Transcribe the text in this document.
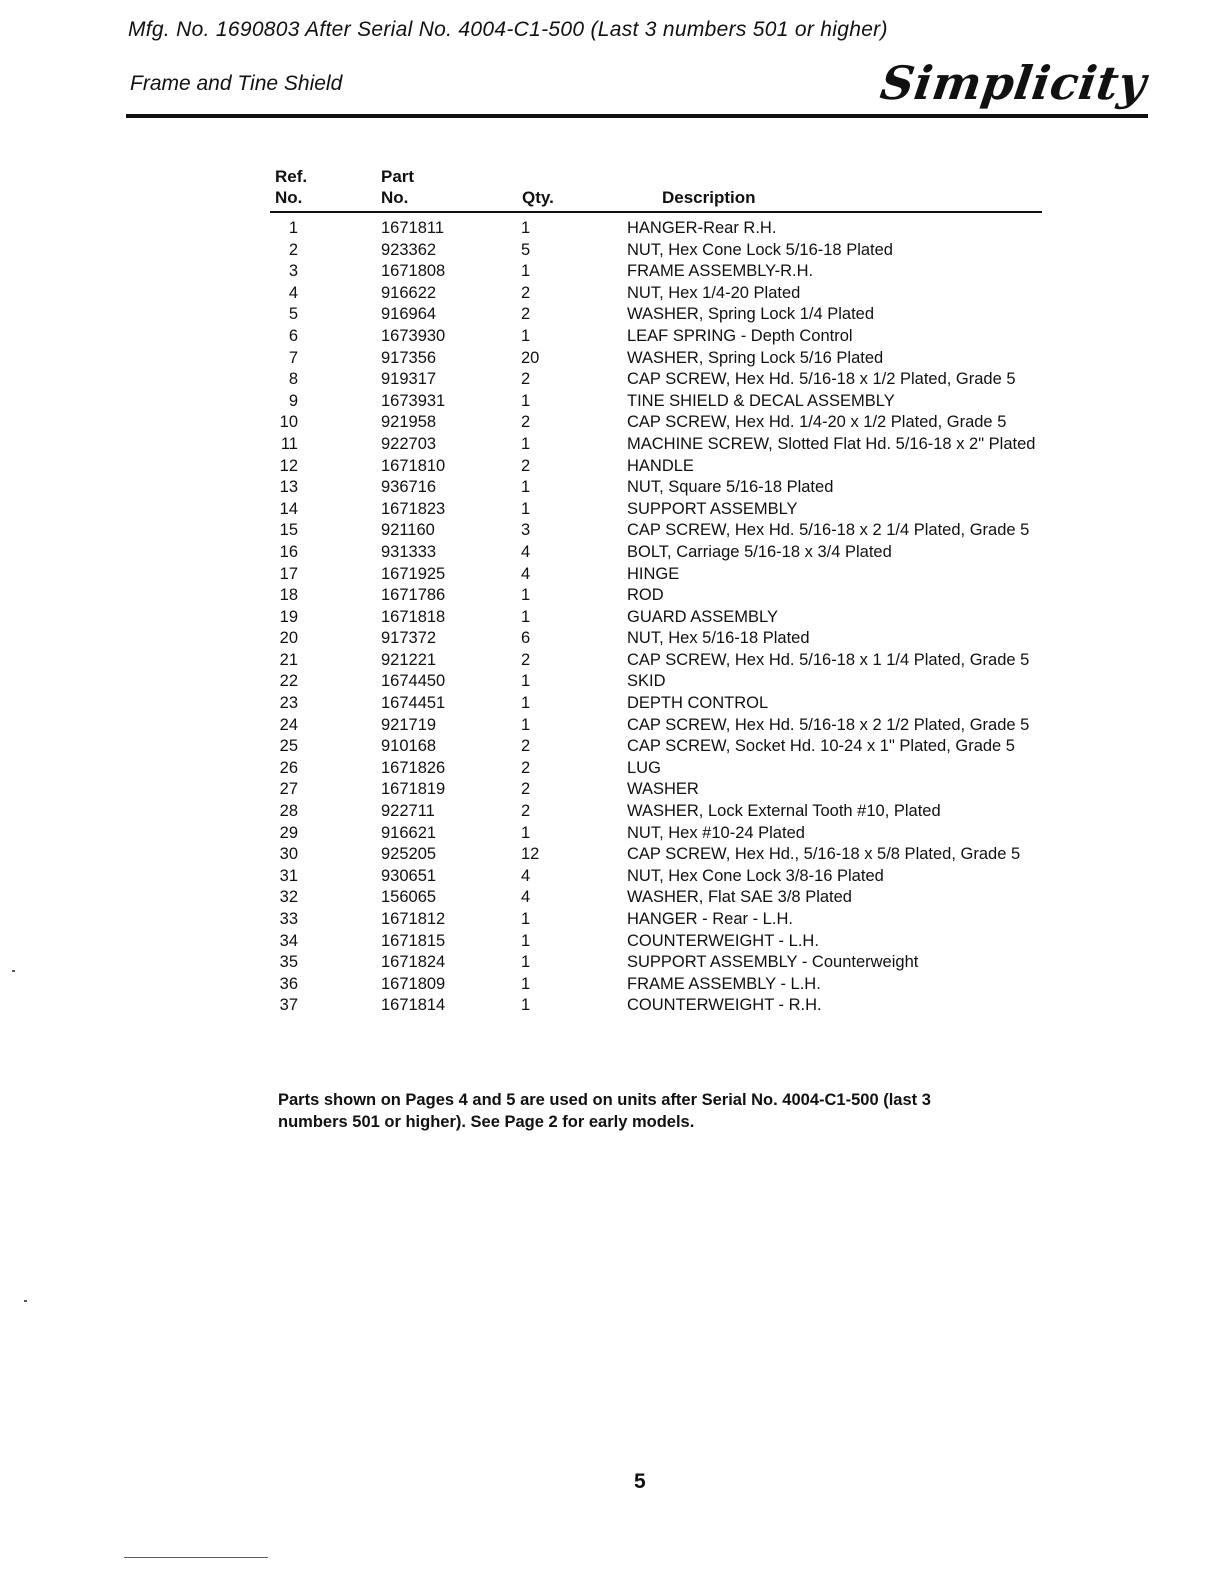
Mfg. No. 1690803 After Serial No. 4004-C1-500 (Last 3 numbers 501 or higher)
Frame and Tine Shield	Simplicity
Ref.
No.
Part
No.	Qty.	Description
1	1671811	1	HANGER-Rear R.H.
2	923362	5	NUT, Hex Cone Lock 5/16-18 Plated
3	1671808	1	FRAME ASSEMBLY-R.H.
4	916622	2	NUT, Hex 1/4-20 Plated
5	916964	2	WASHER, Spring Lock 1/4 Plated
6	1673930	1	LEAF SPRING - Depth Control
7	917356	20	WASHER, Spring Lock 5/16 Plated
8	919317	2	CAP SCREW, Hex Hd. 5/16-18 x 1/2 Plated, Grade 5
9	1673931	1	TINE SHIELD & DECAL ASSEMBLY
10	921958	2	CAP SCREW, Hex Hd. 1/4-20 x 1/2 Plated, Grade 5
11	922703	1	MACHINE SCREW, Slotted Flat Hd. 5/16-18 x 2" Plated
12	1671810	2	HANDLE
13	936716	1	NUT, Square 5/16-18 Plated
14	1671823	1	SUPPORT ASSEMBLY
15	921160	3	CAP SCREW, Hex Hd. 5/16-18 x 2 1/4 Plated, Grade 5
16	931333	4	BOLT, Carriage 5/16-18 x 3/4 Plated
17	1671925	4	HINGE
18	1671786	1	ROD
19	1671818	1	GUARD ASSEMBLY
20	917372	6	NUT, Hex 5/16-18 Plated
21	921221	2	CAP SCREW, Hex Hd. 5/16-18 x 1 1/4 Plated, Grade 5
22	1674450	1	SKID
23	1674451	1	DEPTH CONTROL
24	921719	1	CAP SCREW, Hex Hd. 5/16-18 x 2 1/2 Plated, Grade 5
25	910168	2	CAP SCREW, Socket Hd. 10-24 x 1" Plated, Grade 5
26	1671826	2	LUG
27	1671819	2	WASHER
28	922711	2	WASHER, Lock External Tooth #10, Plated
29	916621	1	NUT, Hex #10-24 Plated
30	925205	12	CAP SCREW, Hex Hd., 5/16-18 x 5/8 Plated, Grade 5
31	930651	4	NUT, Hex Cone Lock 3/8-16 Plated
32	156065	4	WASHER, Flat SAE 3/8 Plated
33	1671812	1	HANGER - Rear - L.H.
34	1671815	1	COUNTERWEIGHT - L.H.
35	1671824	1	SUPPORT ASSEMBLY - Counterweight
36	1671809	1	FRAME ASSEMBLY - L.H.
37	1671814	1	COUNTERWEIGHT - R.H.
Parts shown on Pages 4 and 5 are used on units after Serial No. 4004-C1-500 (last 3 numbers 501 or higher). See Page 2 for early models.
5
